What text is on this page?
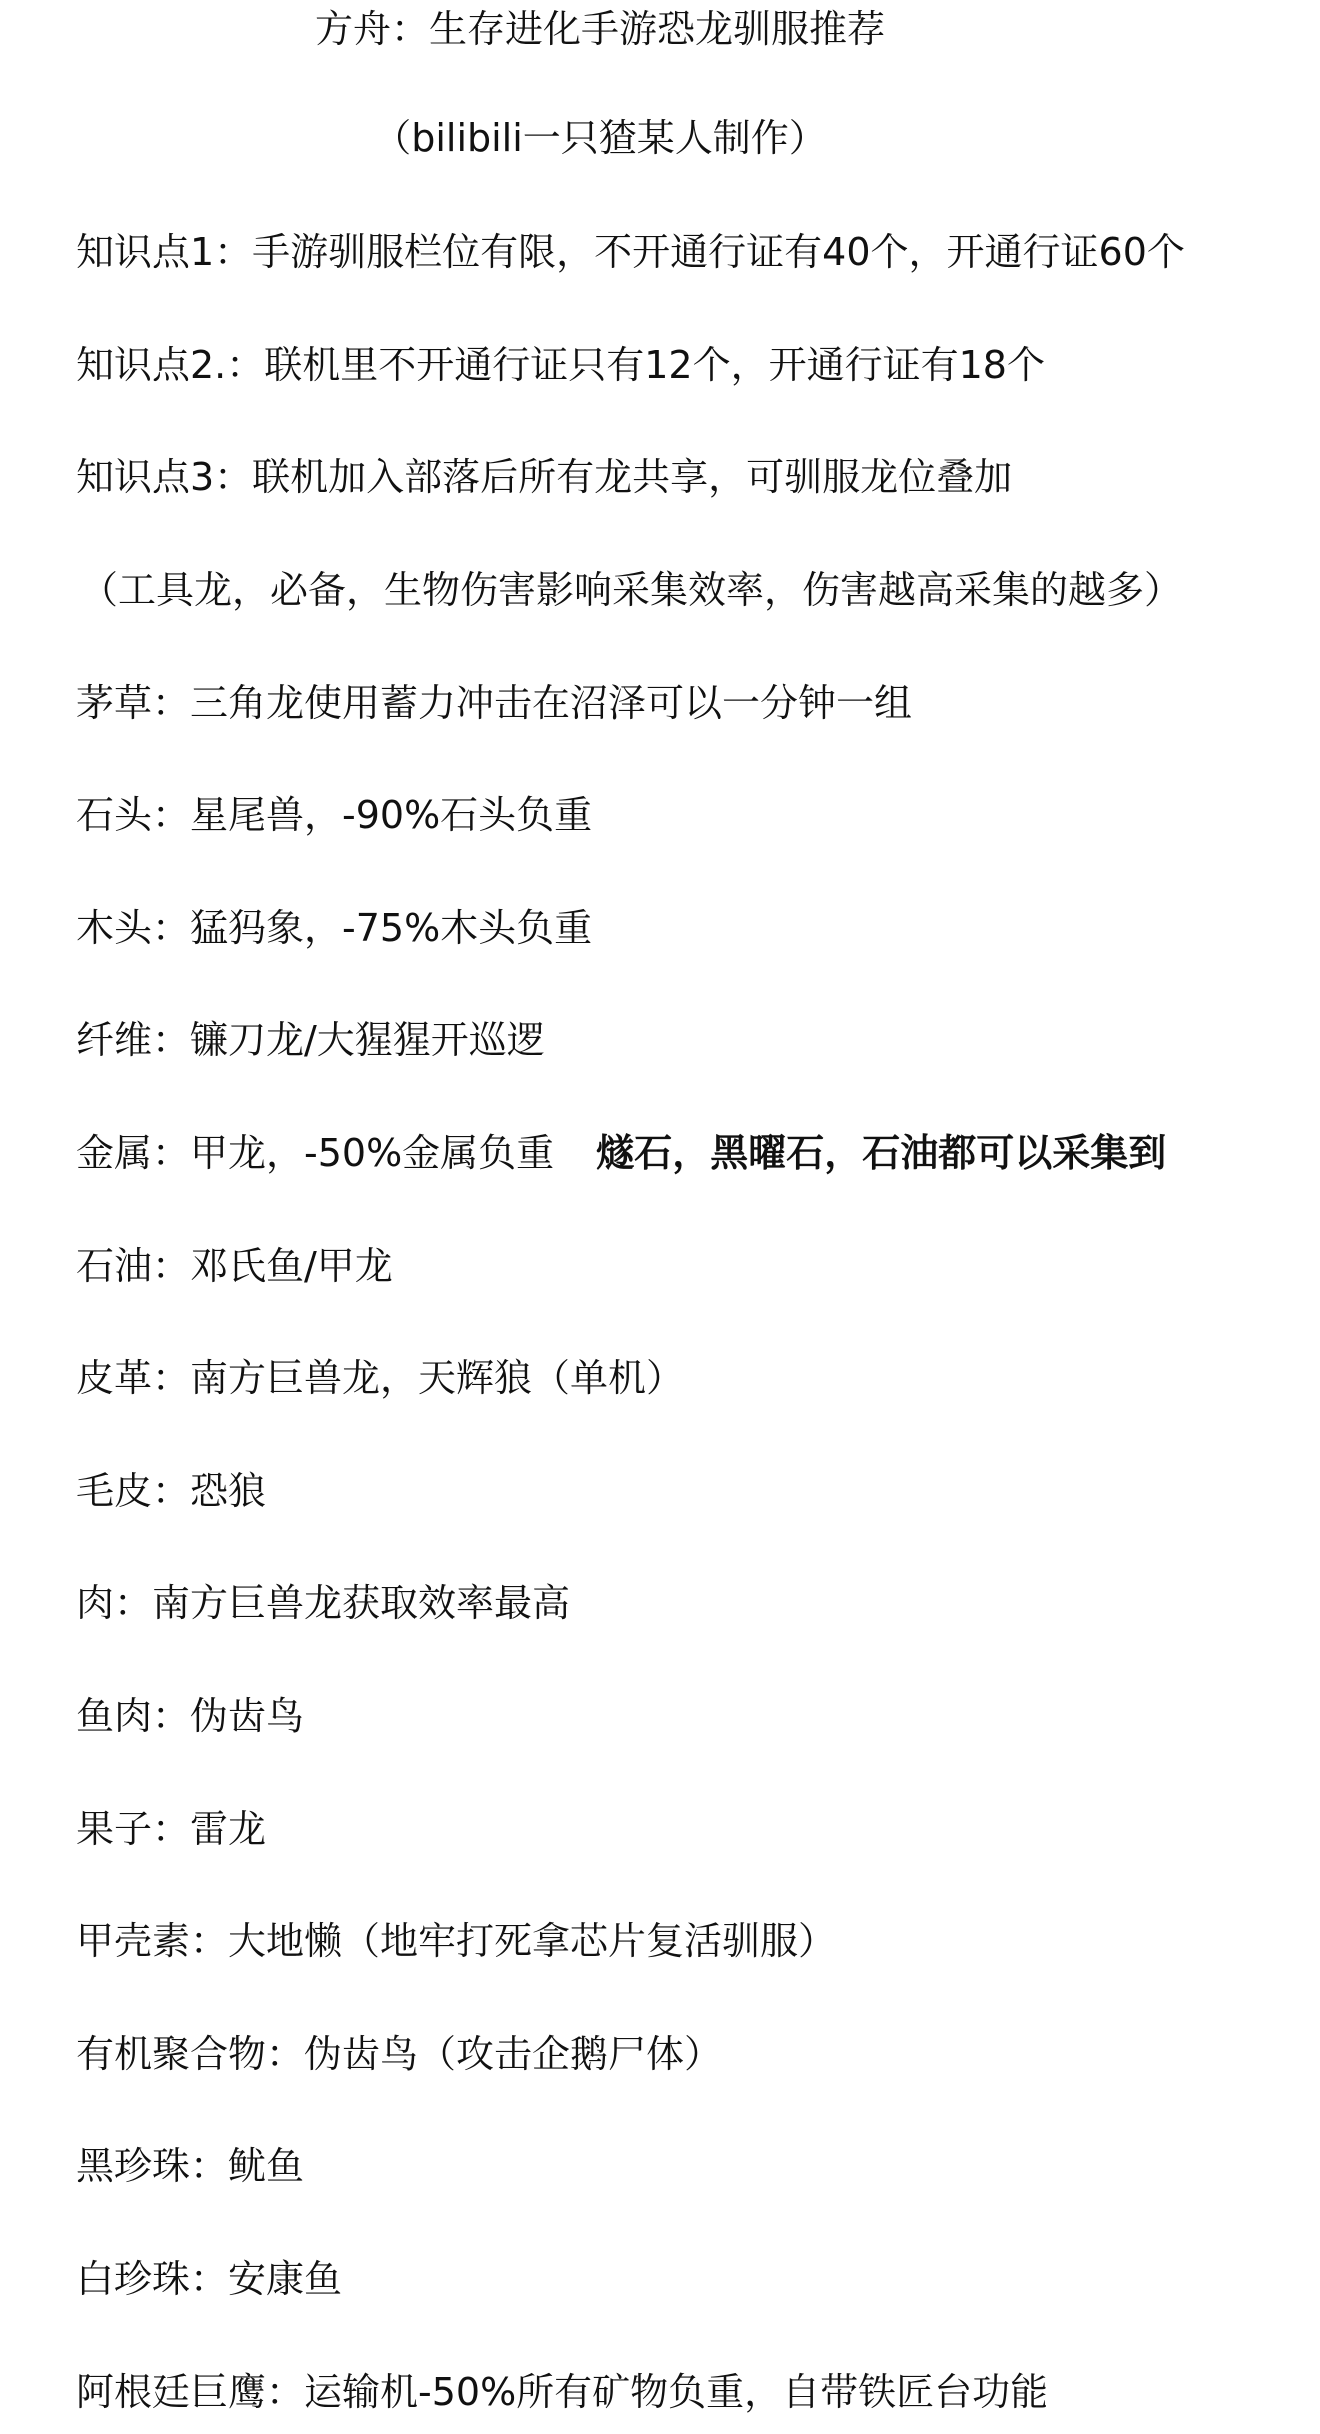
方舟：生存进化手游恐龙驯服推荐
（bilibili一只猹某人制作）
知识点1：手游驯服栏位有限，不开通行证有40个，开通行证60个
知识点2.：联机里不开通行证只有12个，开通行证有18个
知识点3：联机加入部落后所有龙共享，可驯服龙位叠加
（工具龙，必备，生物伤害影响采集效率，伤害越高采集的越多）
茅草：三角龙使用蓄力冲击在沼泽可以一分钟一组
石头：星尾兽，-90%石头负重
木头：猛犸象，-75%木头负重
纤维：镰刀龙/大猩猩开巡逻
金属：甲龙，-50%金属负重 燧石，黑曜石，石油都可以采集到
石油：邓氏鱼/甲龙
皮革：南方巨兽龙，天辉狼（单机）
毛皮：恐狼
肉：南方巨兽龙获取效率最高
鱼肉：伪齿鸟
果子：雷龙
甲壳素：大地懒（地牢打死拿芯片复活驯服）
有机聚合物：伪齿鸟（攻击企鹅尸体）
黑珍珠：鱿鱼
白珍珠：安康鱼
阿根廷巨鹰：运输机-50%所有矿物负重，自带铁匠台功能
